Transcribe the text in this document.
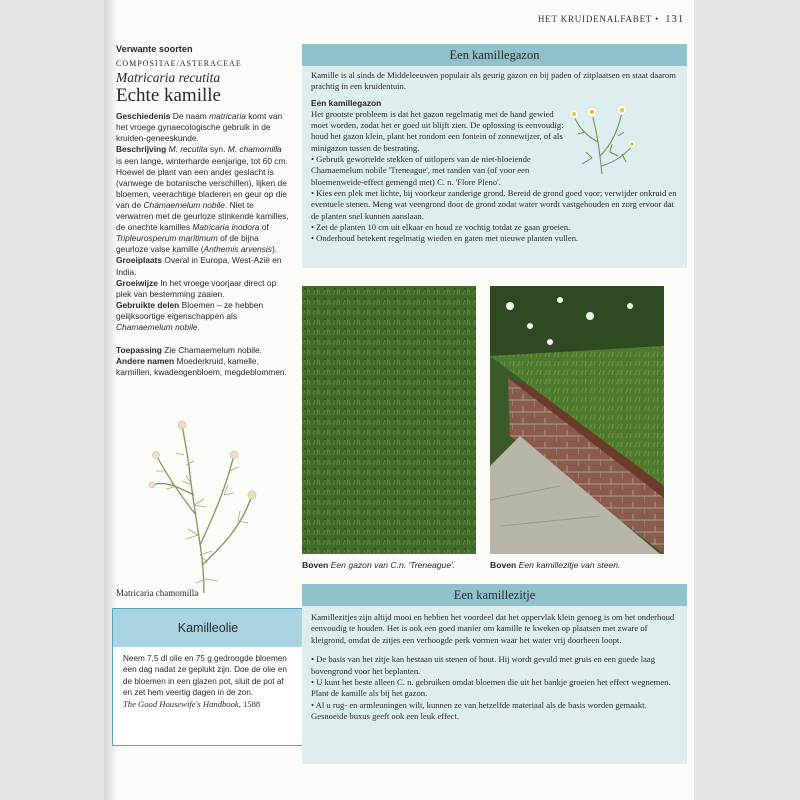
HET KRUIDENALFABET • 131
Verwante soorten
COMPOSITAE/ASTERACEAE
Matricaria recutita
Echte kamille

Geschiedenis De naam matricaria komt van het vroege gynaecologische gebruik in de kruiden-geneeskunde.

Beschrijving M. recutita syn. M. chamomilla is een lange, winterharde eenjarige, tot 60 cm. Hoewel de plant van een ander geslacht is (vanwege de botanische verschillen), lijken de bloemen, veerachtige bladeren en geur op die van de Chamaemelum nobile. Niet te verwarren met de geurloze stinkende kamilles, de onechte kamilles Matricaria inodora of Tripleurosperum maritimum of de bijna geurloze valse kamille (Anthemis arvensis).

Groeiplaats Overal in Europa, West-Azië en India.

Groeiwijze In het vroege voorjaar direct op plek van bestemming zaaien.

Gebruikte delen Bloemen – ze hebben gelijksoortige eigenschappen als Chamaemelum nobile.

Toepassing Zie Chamaemelum nobile.

Andere namen Moederkruid, kamelle, karmillen, kwadeogenbloem, megdeblommen.

Matricaria chamomilla
Kamilleolie

Neem 7,5 dl olie en 75 g gedroogde bloemen een dag nadat ze geplukt zijn. Doe de olie en de bloemen in een glazen pot, sluit de pot af en zet hem veertig dagen in de zon.

The Good Housewife's Handbook, 1588

Een kamillegazon

Kamille is al sinds de Middeleeuwen populair als geurig gazon en bij paden of zitplaatsen en staat daarom prachtig in een kruidentuin.

Een kamillegazon

Het grootste probleem is dat het gazon regelmatig met de hand gewied moet worden, zodat het er goed uit blijft zien. De oplossing is eenvoudig: houd het gazon klein, plant het rondom een fontein of zonnewijzer, of als minigazon tussen de bestrating.

• Gebruik gewortelde stekken of uitlopers van de niet-bloeiende Chamaemelum nobile 'Treneague', met randen van (of voor een bloemenweide-effect gemengd met) C. n. 'Flore Pleno'.

• Kies een plek met lichte, bij voorkeur zanderige grond. Bereid de grond goed voor; verwijder onkruid en eventuele stenen. Meng wat veengrond door de grond zodat water wordt vastgehouden en zorg ervoor dat de planten snel kunnen aanslaan.

• Zet de planten 10 cm uit elkaar en houd ze vochtig totdat ze gaan groeien.

• Onderhoud betekent regelmatig wieden en gaten met nieuwe planten vullen.

Boven Een gazon van C.n. 'Treneague'.	Boven Een kamillezitje van steen.
Een kamillezitje

Kamillezitjes zijn altijd mooi en hebben het voordeel dat het oppervlak klein genoeg is om het onderhoud eenvoudig te houden. Het is ook een goed manier om kamille te kweken op plaatsen met zware of kleigrond, omdat de zitjes een verhoogde perk vormen waar het water vrij doorheen loopt.

• De basis van het zitje kan bestaan uit stenen of hout. Hij wordt gevuld met gruis en een goede laag bovengrond voor het beplanten.

• U kunt het beste alleen C. n. gebruiken omdat bloemen die uit het bankje groeien het effect wegnemen. Plant de kamille als bij het gazon.

• Al u rug- en armleuningen wilt, kunnen ze van hetzelfde materiaal als de basis worden gemaakt. Gesnoeide buxus geeft ook een leuk effect.
